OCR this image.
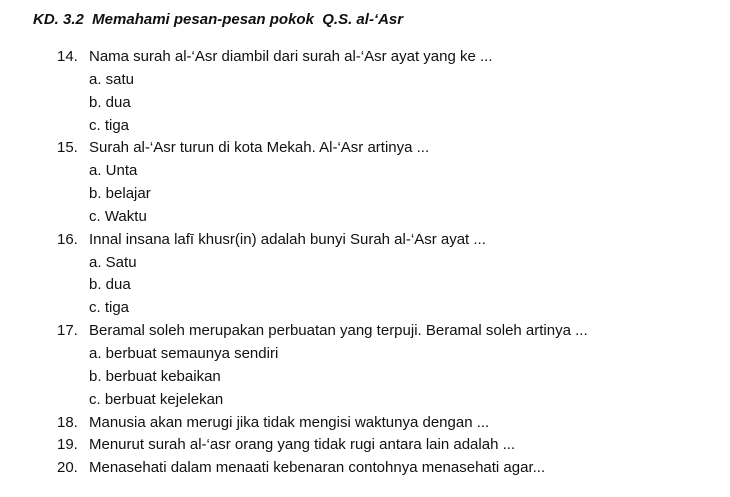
KD. 3.2  Memahami pesan-pesan pokok  Q.S. al-‘Asr
14. Nama surah al-‘Asr diambil dari surah al-‘Asr ayat yang ke ...
a. satu
b. dua
c. tiga
15. Surah al-‘Asr turun di kota Mekah. Al-‘Asr artinya ...
a. Unta
b. belajar
c. Waktu
16. Innal insana lafī khusr(in) adalah bunyi Surah al-‘Asr ayat ...
a. Satu
b. dua
c. tiga
17. Beramal soleh merupakan perbuatan yang terpuji. Beramal soleh artinya ...
a. berbuat semaunya sendiri
b. berbuat kebaikan
c. berbuat kejelekan
18. Manusia akan merugi jika tidak mengisi waktunya dengan ...
19. Menurut surah al-‘asr orang yang tidak rugi antara lain adalah ...
20. Menasehati dalam menaati kebenaran contohnya menasehati agar...
